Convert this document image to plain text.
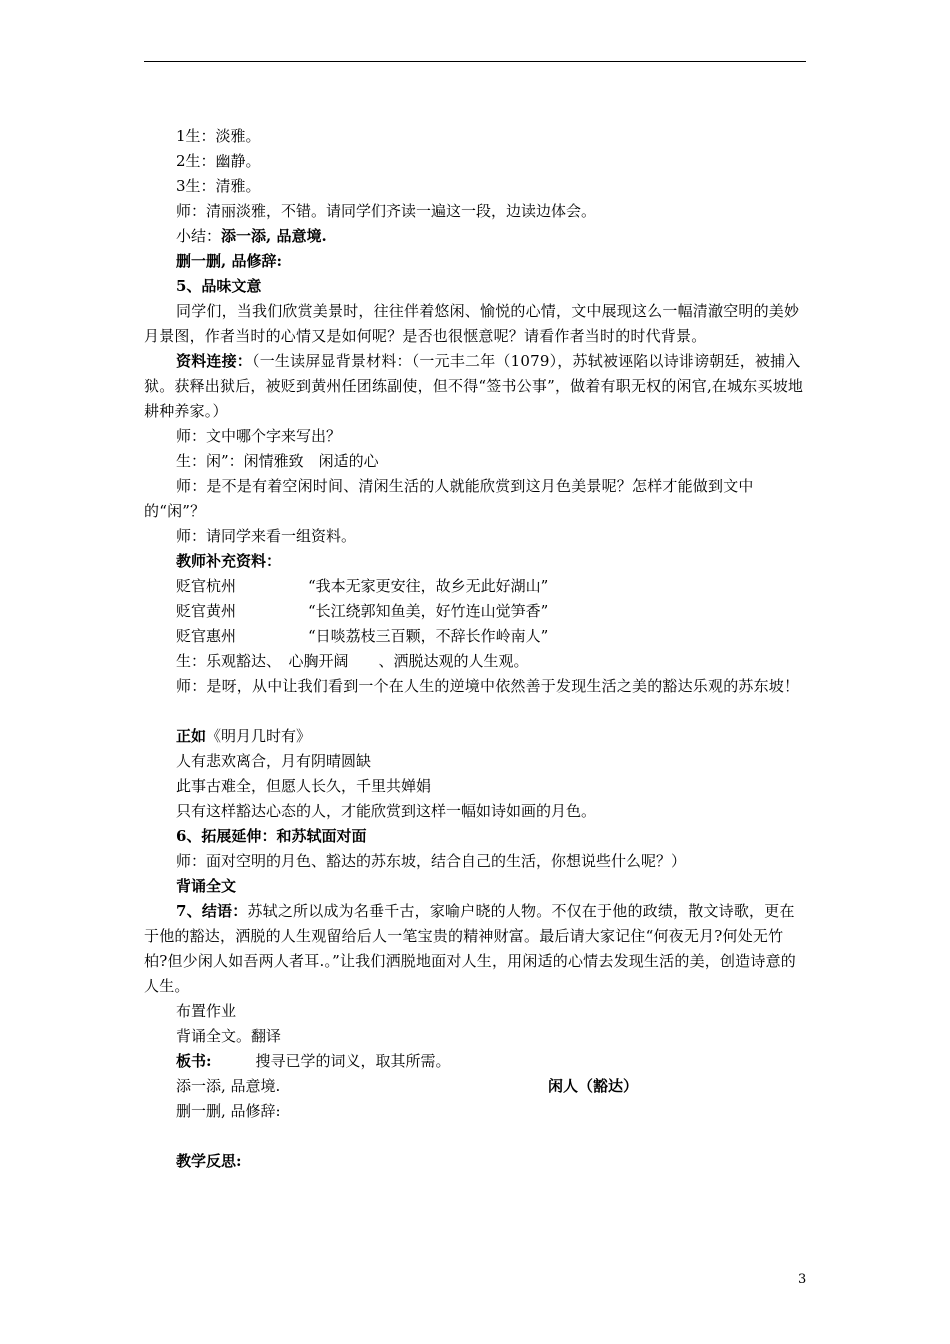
1生：淡雅。

2生：幽静。

3生：清雅。

师：清丽淡雅，不错。请同学们齐读一遍这一段，边读边体会。

小结：添一添, 品意境.

删一删, 品修辞:

5、品味文意

同学们，当我们欣赏美景时，往往伴着悠闲、愉悦的心情，文中展现这么一幅清澈空明的美妙月景图，作者当时的心情又是如何呢？是否也很惬意呢？请看作者当时的时代背景。

资料连接：（一生读屏显背景材料：（一元丰二年（1079），苏轼被诬陷以诗诽谤朝廷，被捕入狱。获释出狱后，被贬到黄州任团练副使，但不得“签书公事”，做着有职无权的闲官,在城东买坡地耕种养家。）

师：文中哪个字来写出？

生：闲”：闲情雅致　闲适的心

师：是不是有着空闲时间、清闲生活的人就能欣赏到这月色美景呢？怎样才能做到文中的“闲”？

师：请同学来看一组资料。

教师补充资料：

贬官杭州	“我本无家更安往，故乡无此好湖山”

贬官黄州	“长江绕郭知鱼美，好竹连山觉笋香”

贬官惠州	“日啖荔枝三百颗，不辞长作岭南人”

生：乐观豁达、　心胸开阔　　、洒脱达观的人生观。

师：是呀，从中让我们看到一个在人生的逆境中依然善于发现生活之美的豁达乐观的苏东坡！

正如《明月几时有》

人有悲欢离合，月有阴晴圆缺

此事古难全，但愿人长久，千里共婵娟

只有这样豁达心态的人，才能欣赏到这样一幅如诗如画的月色。

6、拓展延伸：和苏轼面对面

师：面对空明的月色、豁达的苏东坡，结合自己的生活，你想说些什么呢？）

背诵全文

7、结语：苏轼之所以成为名垂千古，家喻户晓的人物。不仅在于他的政绩，散文诗歌，更在于他的豁达，洒脱的人生观留给后人一笔宝贵的精神财富。最后请大家记住“何夜无月?何处无竹柏?但少闲人如吾两人者耳.。”让我们洒脱地面对人生，用闲适的心情去发现生活的美，创造诗意的人生。

布置作业

背诵全文。翻译

板书:	搜寻已学的词义，取其所需。

添一添, 品意境.	闲人（豁达）

删一删, 品修辞:

教学反思:

3
